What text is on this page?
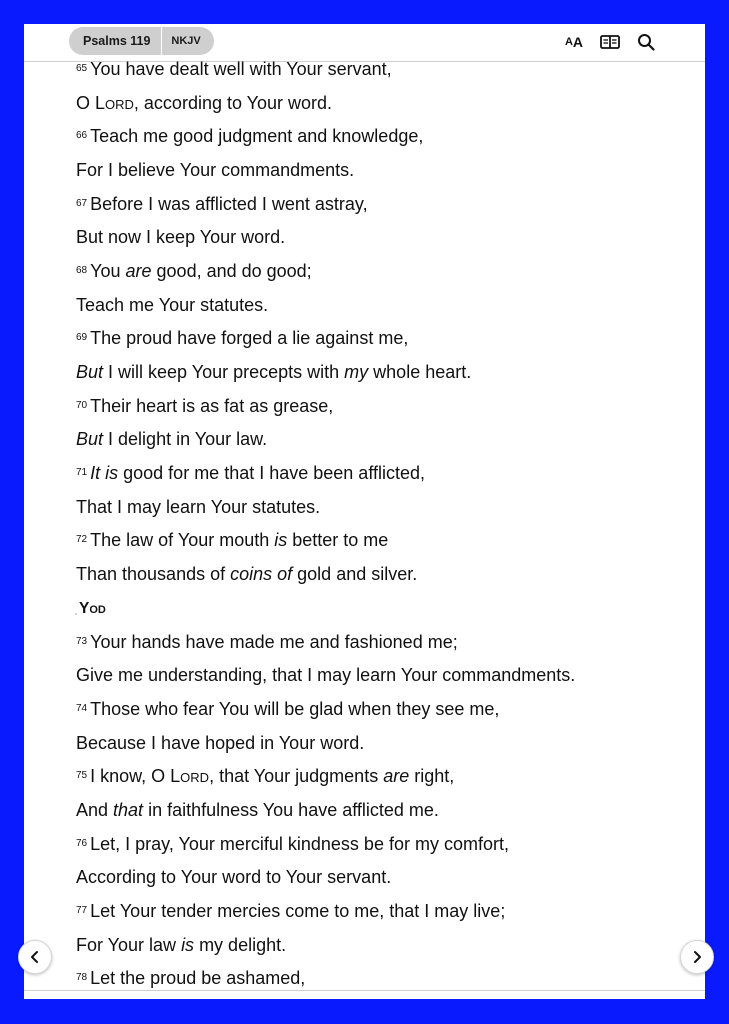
Psalms 119	NKJV	A A
$^{65}$ You have dealt well with Your servant,
O Lord, according to Your word.
$^{66}$ Teach me good judgment and knowledge,
For I believe Your commandments.
$^{67}$ Before I was afflicted I went astray,
But now I keep Your word.
$^{68}$ You are good, and do good;
Teach me Your statutes.
$^{69}$ The proud have forged a lie against me,
But I will keep Your precepts with my whole heart.
$^{70}$ Their heart is as fat as grease,
But I delight in Your law.
$^{71}$ It is good for me that I have been afflicted,
That I may learn Your statutes.
$^{72}$ The law of Your mouth is better to me
Than thousands of coins of gold and silver.
Yod
$^{73}$ Your hands have made me and fashioned me;
Give me understanding, that I may learn Your commandments.
$^{74}$ Those who fear You will be glad when they see me,
Because I have hoped in Your word.
$^{75}$ I know, O Lord, that Your judgments are right,
And that in faithfulness You have afflicted me.
$^{76}$ Let, I pray, Your merciful kindness be for my comfort,
According to Your word to Your servant.
$^{77}$ Let Your tender mercies come to me, that I may live;
For Your law is my delight.
$^{78}$ Let the proud be ashamed,
